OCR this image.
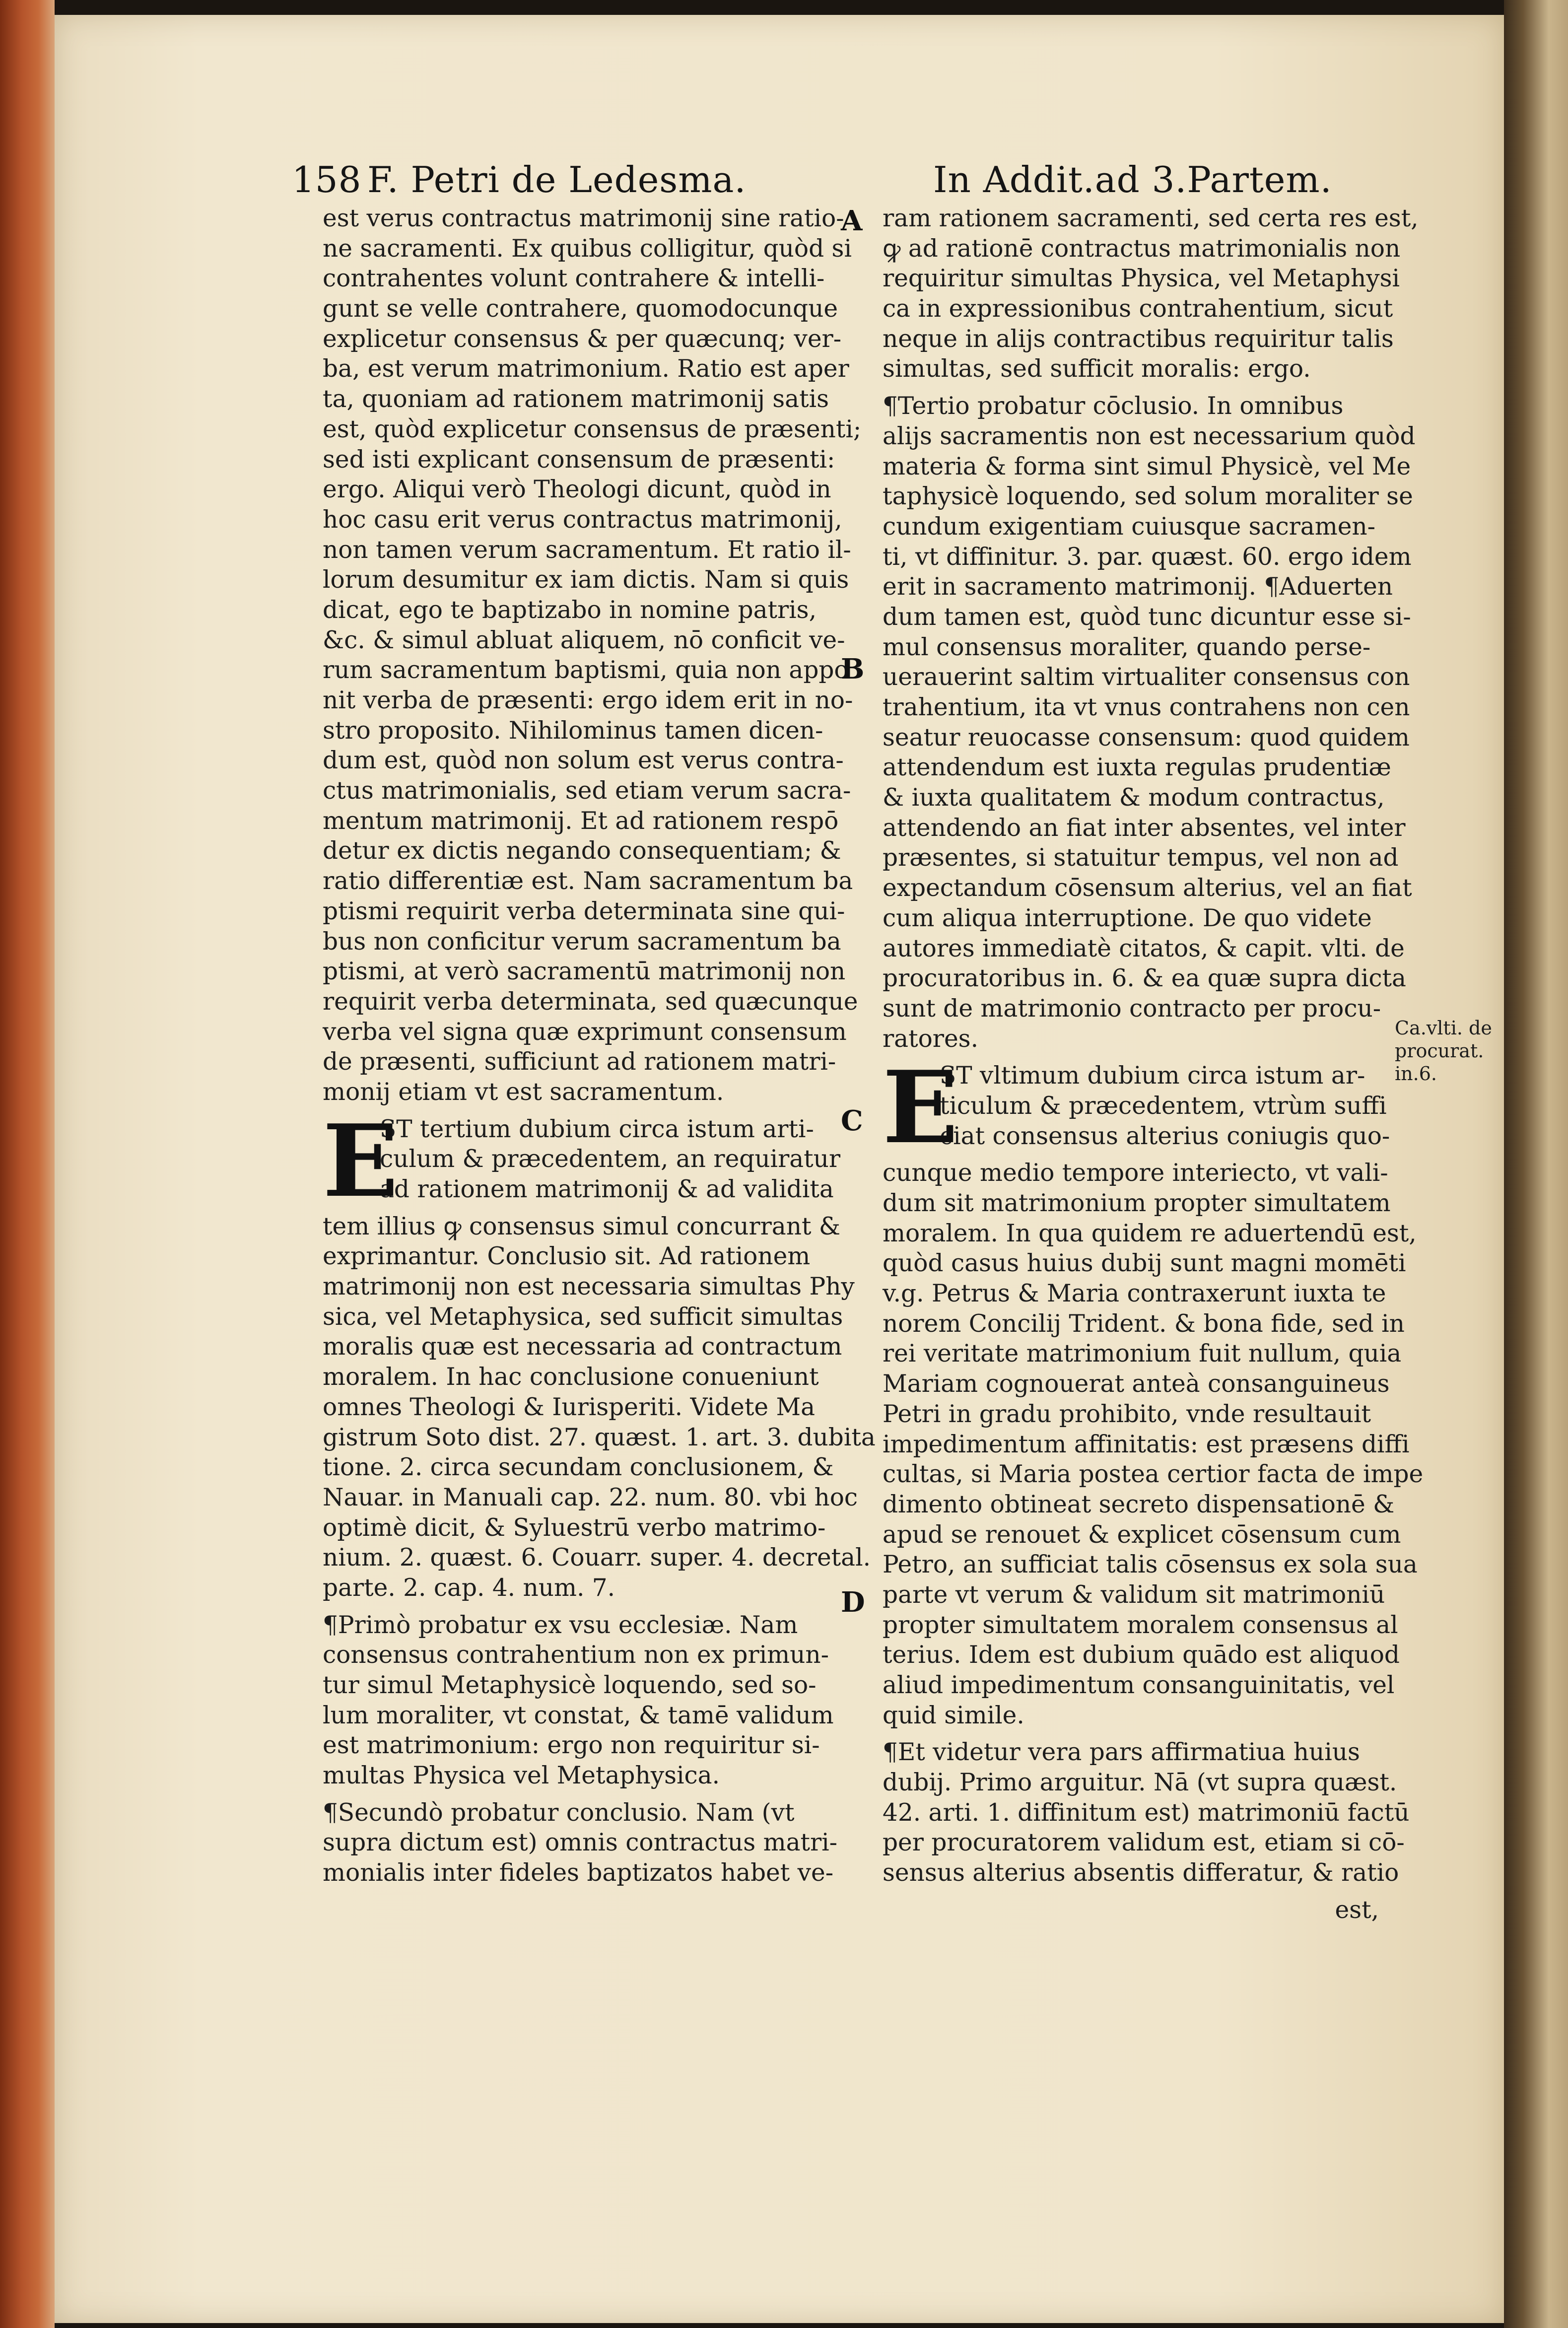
158 F. Petri de Ledesma.	In Addit.ad 3.Partem.
est verus contractus matrimonij sine ratio-
ne sacramenti. Ex quibus colligitur, quòd si
contrahentes volunt contrahere & intelli-
gunt se velle contrahere, quomodocunque
explicetur consensus & per quæcunq; ver-
ba, est verum matrimonium. Ratio est aper
ta, quoniam ad rationem matrimonij satis
est, quòd explicetur consensus de præsenti;
sed isti explicant consensum de præsenti:
ergo. Aliqui verò Theologi dicunt, quòd in
hoc casu erit verus contractus matrimonij,
non tamen verum sacramentum. Et ratio il-
lorum desumitur ex iam dictis. Nam si quis
dicat, ego te baptizabo in nomine patris,
&c. & simul abluat aliquem, nō conficit ve-
rum sacramentum baptismi, quia non appo
nit verba de præsenti: ergo idem erit in no-
stro proposito. Nihilominus tamen dicen-
dum est, quòd non solum est verus contra-
ctus matrimonialis, sed etiam verum sacra-
mentum matrimonij. Et ad rationem respō
detur ex dictis negando consequentiam; &
ratio differentiæ est. Nam sacramentum ba
ptismi requirit verba determinata sine qui-
bus non conficitur verum sacramentum ba
ptismi, at verò sacramentū matrimonij non
requirit verba determinata, sed quæcunque
verba vel signa quæ exprimunt consensum
de præsenti, sufficiunt ad rationem matri-
monij etiam vt est sacramentum.
E
ST tertium dubium circa istum arti-
culum & præcedentem, an requiratur
ad rationem matrimonij & ad validita
tem illius ꝙ consensus simul concurrant &
exprimantur. Conclusio sit. Ad rationem
matrimonij non est necessaria simultas Phy
sica, vel Metaphysica, sed sufficit simultas
moralis quæ est necessaria ad contractum
moralem. In hac conclusione conueniunt
omnes Theologi & Iurisperiti. Videte Ma
gistrum Soto dist. 27. quæst. 1. art. 3. dubita
tione. 2. circa secundam conclusionem, &
Nauar. in Manuali cap. 22. num. 80. vbi hoc
optimè dicit, & Syluestrū verbo matrimo-
nium. 2. quæst. 6. Couarr. super. 4. decretal.
parte. 2. cap. 4. num. 7.
¶Primò probatur ex vsu ecclesiæ. Nam
consensus contrahentium non ex primun-
tur simul Metaphysicè loquendo, sed so-
lum moraliter, vt constat, & tamē validum
est matrimonium: ergo non requiritur si-
multas Physica vel Metaphysica.
¶Secundò probatur conclusio. Nam (vt
supra dictum est) omnis contractus matri-
monialis inter fideles baptizatos habet ve-
ram rationem sacramenti, sed certa res est,
ꝙ ad rationē contractus matrimonialis non
requiritur simultas Physica, vel Metaphysi
ca in expressionibus contrahentium, sicut
neque in alijs contractibus requiritur talis
simultas, sed sufficit moralis: ergo.
¶Tertio probatur cōclusio. In omnibus
alijs sacramentis non est necessarium quòd
materia & forma sint simul Physicè, vel Me
taphysicè loquendo, sed solum moraliter se
cundum exigentiam cuiusque sacramen-
ti, vt diffinitur. 3. par. quæst. 60. ergo idem
erit in sacramento matrimonij. ¶Aduerten
dum tamen est, quòd tunc dicuntur esse si-
mul consensus moraliter, quando perse-
uerauerint saltim virtualiter consensus con
trahentium, ita vt vnus contrahens non cen
seatur reuocasse consensum: quod quidem
attendendum est iuxta regulas prudentiæ
& iuxta qualitatem & modum contractus,
attendendo an fiat inter absentes, vel inter
præsentes, si statuitur tempus, vel non ad
expectandum cōsensum alterius, vel an fiat
cum aliqua interruptione. De quo videte
autores immediatè citatos, & capit. vlti. de
procuratoribus in. 6. & ea quæ supra dicta
sunt de matrimonio contracto per procu-
ratores.
E
ST vltimum dubium circa istum ar-
ticulum & præcedentem, vtrùm suffi
ciat consensus alterius coniugis quo-
cunque medio tempore interiecto, vt vali-
dum sit matrimonium propter simultatem
moralem. In qua quidem re aduertendū est,
quòd casus huius dubij sunt magni momēti
v.g. Petrus & Maria contraxerunt iuxta te
norem Concilij Trident. & bona fide, sed in
rei veritate matrimonium fuit nullum, quia
Mariam cognouerat anteà consanguineus
Petri in gradu prohibito, vnde resultauit
impedimentum affinitatis: est præsens diffi
cultas, si Maria postea certior facta de impe
dimento obtineat secreto dispensationē &
apud se renouet & explicet cōsensum cum
Petro, an sufficiat talis cōsensus ex sola sua
parte vt verum & validum sit matrimoniū
propter simultatem moralem consensus al
terius. Idem est dubium quādo est aliquod
aliud impedimentum consanguinitatis, vel
quid simile.
¶Et videtur vera pars affirmatiua huius
dubij. Primo arguitur. Nā (vt supra quæst.
42. arti. 1. diffinitum est) matrimoniū factū
per procuratorem validum est, etiam si cō-
sensus alterius absentis differatur, & ratio
est,
A
B
C
D
Ca.vlti. de
procurat.
in.6.
